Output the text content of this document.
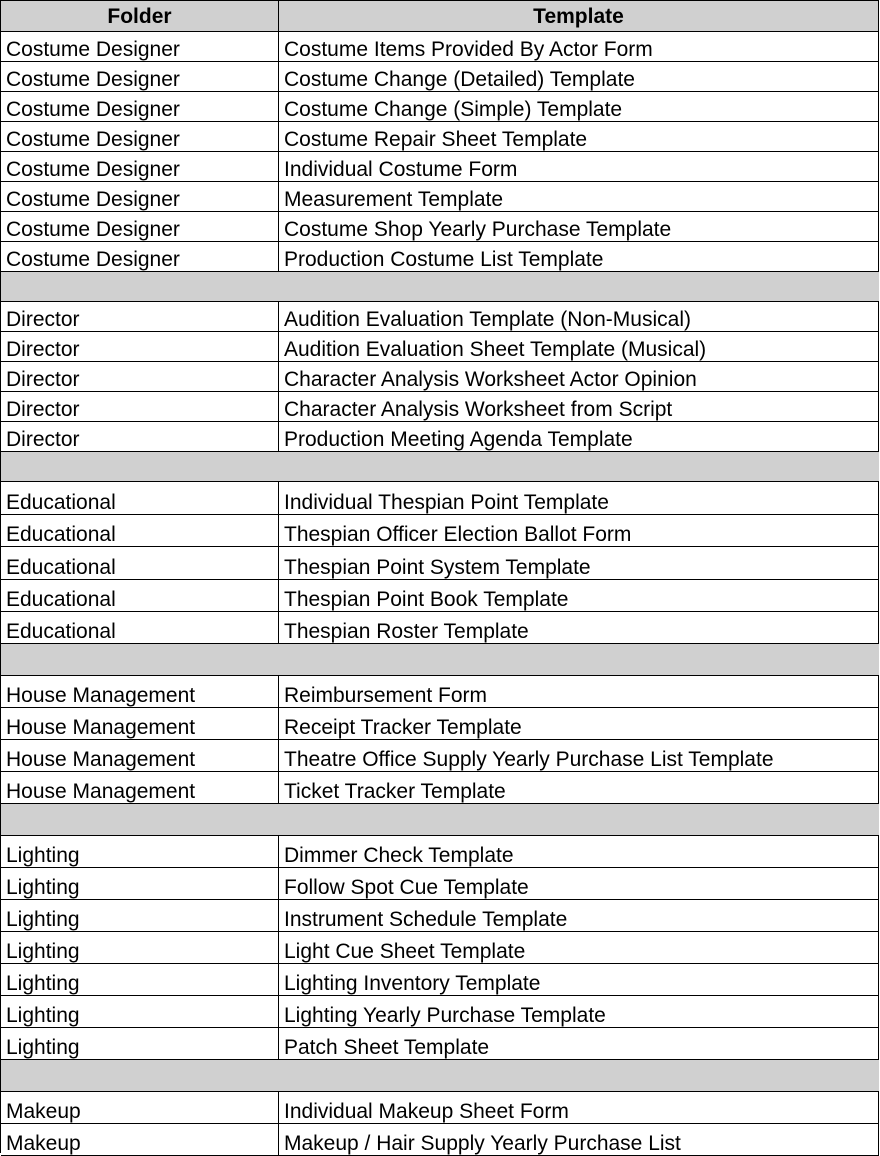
Folder	Template
Costume Designer	Costume Items Provided By Actor Form
Costume Designer	Costume Change (Detailed) Template
Costume Designer	Costume Change (Simple) Template
Costume Designer	Costume Repair Sheet Template
Costume Designer	Individual Costume Form
Costume Designer	Measurement Template
Costume Designer	Costume Shop Yearly Purchase Template
Costume Designer	Production Costume List Template
Director	Audition Evaluation Template (Non-Musical)
Director	Audition Evaluation Sheet Template (Musical)
Director	Character Analysis Worksheet Actor Opinion
Director	Character Analysis Worksheet from Script
Director	Production Meeting Agenda Template
Educational	Individual Thespian Point Template
Educational	Thespian Officer Election Ballot Form
Educational	Thespian Point System Template
Educational	Thespian Point Book Template
Educational	Thespian Roster Template
House Management	Reimbursement Form
House Management	Receipt Tracker Template
House Management	Theatre Office Supply Yearly Purchase List Template
House Management	Ticket Tracker Template
Lighting	Dimmer Check Template
Lighting	Follow Spot Cue Template
Lighting	Instrument Schedule Template
Lighting	Light Cue Sheet Template
Lighting	Lighting Inventory Template
Lighting	Lighting Yearly Purchase Template
Lighting	Patch Sheet Template
Makeup	Individual Makeup Sheet Form
Makeup	Makeup / Hair Supply Yearly Purchase List
